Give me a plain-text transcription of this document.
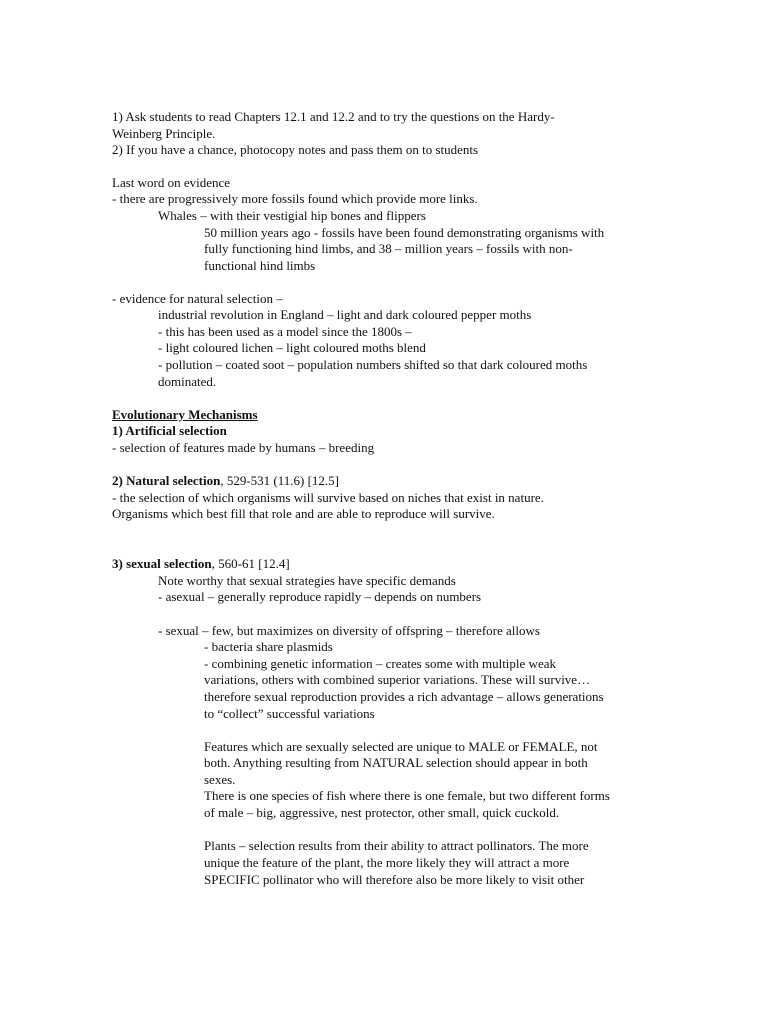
1) Ask students to read Chapters 12.1 and 12.2 and to try the questions on the Hardy-
Weinberg Principle.
2) If you have a chance, photocopy notes and pass them on to students
Last word on evidence
- there are progressively more fossils found which provide more links.
Whales – with their vestigial hip bones and flippers
50 million years ago - fossils have been found demonstrating organisms with
fully functioning hind limbs, and 38 – million years – fossils with non-
functional hind limbs
- evidence for natural selection –
industrial revolution in England – light and dark coloured pepper moths
- this has been used as a model since the 1800s –
- light coloured lichen – light coloured moths blend
- pollution – coated soot – population numbers shifted so that dark coloured moths
dominated.
Evolutionary Mechanisms
1) Artificial selection
- selection of features made by humans – breeding
2) Natural selection, 529-531 (11.6) [12.5]
- the selection of which organisms will survive based on niches that exist in nature.
Organisms which best fill that role and are able to reproduce will survive.
3) sexual selection, 560-61 [12.4]
Note worthy that sexual strategies have specific demands
- asexual – generally reproduce rapidly – depends on numbers
- sexual – few, but maximizes on diversity of offspring – therefore allows
- bacteria share plasmids
- combining genetic information – creates some with multiple weak
variations, others with combined superior variations. These will survive…
therefore sexual reproduction provides a rich advantage – allows generations
to “collect” successful variations
Features which are sexually selected are unique to MALE or FEMALE, not
both. Anything resulting from NATURAL selection should appear in both
sexes.
There is one species of fish where there is one female, but two different forms
of male – big, aggressive, nest protector, other small, quick cuckold.
Plants – selection results from their ability to attract pollinators. The more
unique the feature of the plant, the more likely they will attract a more
SPECIFIC pollinator who will therefore also be more likely to visit other
